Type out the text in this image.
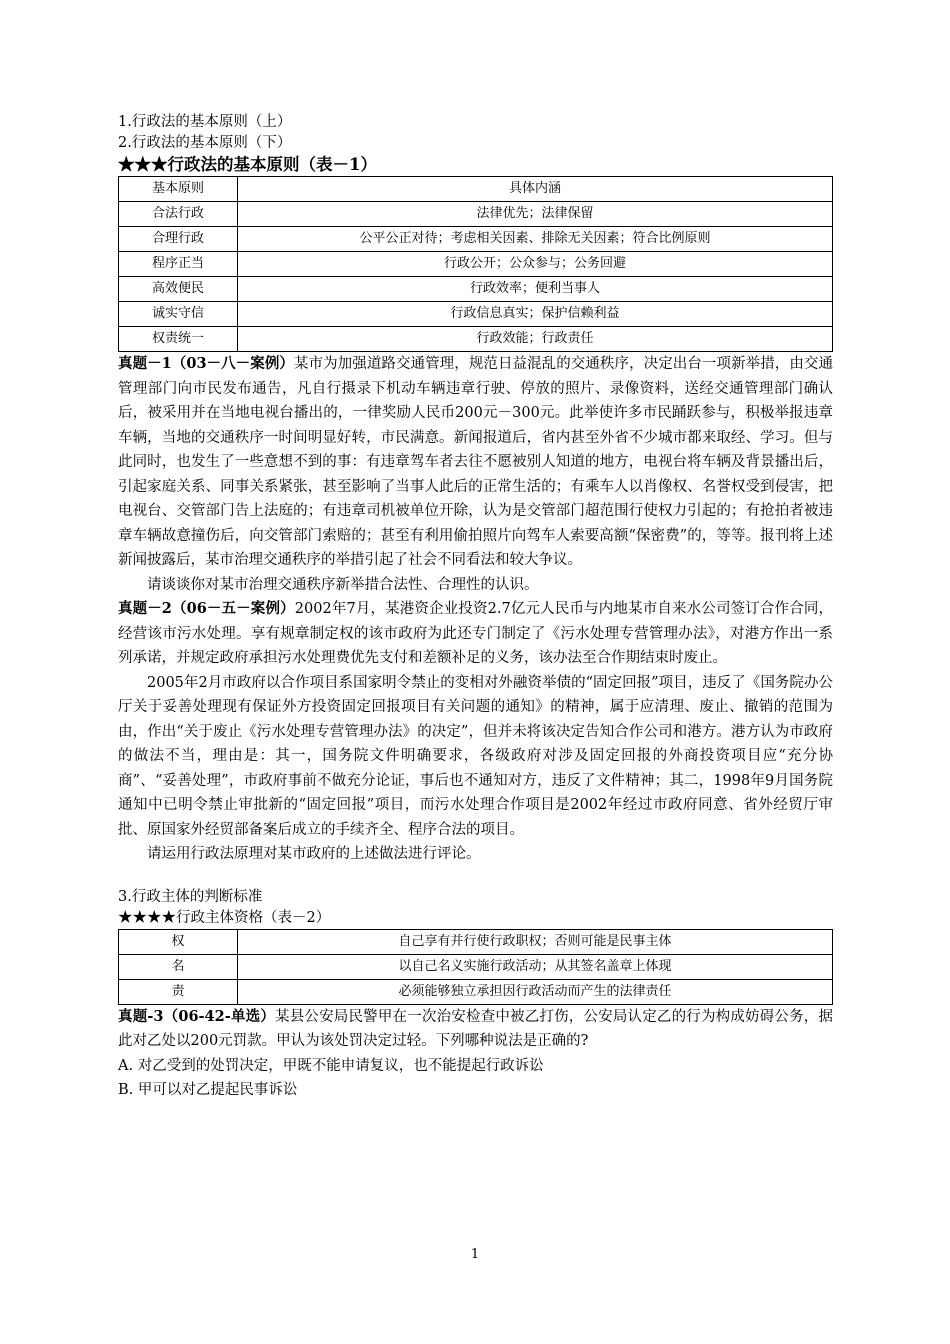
1.行政法的基本原则（上）
2.行政法的基本原则（下）
★★★行政法的基本原则（表－1）
基本原则	具体内涵
合法行政	法律优先；法律保留
合理行政	公平公正对待；考虑相关因素、排除无关因素；符合比例原则
程序正当	行政公开；公众参与；公务回避
高效便民	行政效率；便利当事人
诚实守信	行政信息真实；保护信赖利益
权责统一	行政效能；行政责任
真题－1（03－八－案例）某市为加强道路交通管理，规范日益混乱的交通秩序，决定出台一项新举措，由交通管理部门向市民发布通告，凡自行摄录下机动车辆违章行驶、停放的照片、录像资料，送经交通管理部门确认后，被采用并在当地电视台播出的，一律奖励人民币200元－300元。此举使许多市民踊跃参与，积极举报违章车辆，当地的交通秩序一时间明显好转，市民满意。新闻报道后，省内甚至外省不少城市都来取经、学习。但与此同时，也发生了一些意想不到的事：有违章驾车者去往不愿被别人知道的地方，电视台将车辆及背景播出后，引起家庭关系、同事关系紧张，甚至影响了当事人此后的正常生活的；有乘车人以肖像权、名誉权受到侵害，把电视台、交管部门告上法庭的；有违章司机被单位开除，认为是交管部门超范围行使权力引起的；有抢拍者被违章车辆故意撞伤后，向交管部门索赔的；甚至有利用偷拍照片向驾车人索要高额“保密费”的，等等。报刊将上述新闻披露后，某市治理交通秩序的举措引起了社会不同看法和较大争议。
请谈谈你对某市治理交通秩序新举措合法性、合理性的认识。
真题－2（06－五－案例）2002年7月，某港资企业投资2.7亿元人民币与内地某市自来水公司签订合作合同，经营该市污水处理。享有规章制定权的该市政府为此还专门制定了《污水处理专营管理办法》，对港方作出一系列承诺，并规定政府承担污水处理费优先支付和差额补足的义务，该办法至合作期结束时废止。
2005年2月市政府以合作项目系国家明令禁止的变相对外融资举债的“固定回报”项目，违反了《国务院办公厅关于妥善处理现有保证外方投资固定回报项目有关问题的通知》的精神，属于应清理、废止、撤销的范围为由，作出“关于废止《污水处理专营管理办法》的决定”，但并未将该决定告知合作公司和港方。港方认为市政府的做法不当，理由是：其一，国务院文件明确要求，各级政府对涉及固定回报的外商投资项目应“充分协商”、“妥善处理”，市政府事前不做充分论证，事后也不通知对方，违反了文件精神；其二，1998年9月国务院通知中已明令禁止审批新的“固定回报”项目，而污水处理合作项目是2002年经过市政府同意、省外经贸厅审批、原国家外经贸部备案后成立的手续齐全、程序合法的项目。
请运用行政法原理对某市政府的上述做法进行评论。
3.行政主体的判断标准
★★★★行政主体资格（表－2）
权	自己享有并行使行政职权；否则可能是民事主体
名	以自己名义实施行政活动；从其签名盖章上体现
责	必须能够独立承担因行政活动而产生的法律责任
真题-3（06-42-单选）某县公安局民警甲在一次治安检查中被乙打伤，公安局认定乙的行为构成妨碍公务，据此对乙处以200元罚款。甲认为该处罚决定过轻。下列哪种说法是正确的?
A. 对乙受到的处罚决定，甲既不能申请复议，也不能提起行政诉讼
B. 甲可以对乙提起民事诉讼
1
